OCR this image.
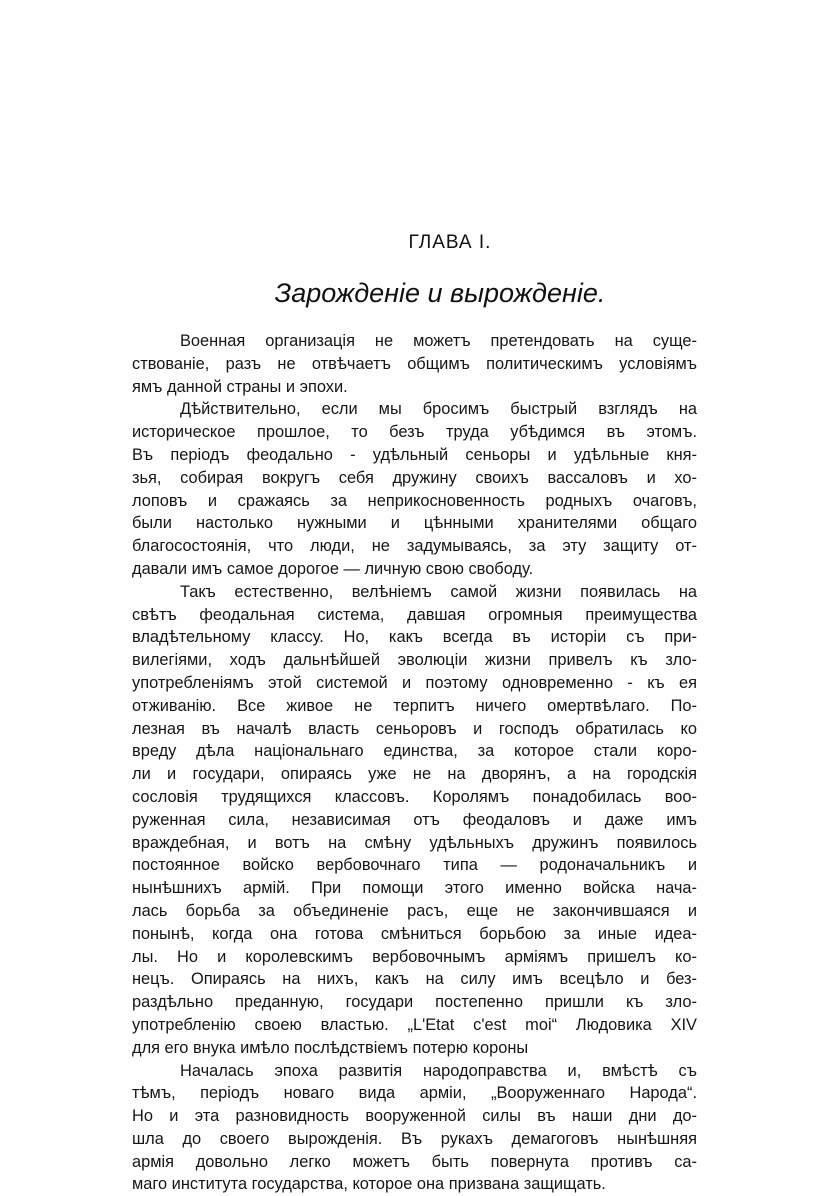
ГЛАВА I.
Зарожденіе и вырожденіе.
Военная организація не можетъ претендовать на суще-
ствованіе, разъ не отвѣчаетъ общимъ политическимъ условіямъ
ямъ данной страны и эпохи.
Дѣйствительно, если мы бросимъ быстрый взглядъ на
историческое прошлое, то безъ труда убѣдимся въ этомъ.
Въ періодъ феодально - удѣльный сеньоры и удѣльные кня-
зья, собирая вокругъ себя дружину своихъ вассаловъ и хо-
лоповъ и сражаясь за неприкосновенность родныхъ очаговъ,
были настолько нужными и цѣнными хранителями общаго
благосостоянія, что люди, не задумываясь, за эту защиту от-
давали имъ самое дорогое — личную свою свободу.
Такъ естественно, велѣніемъ самой жизни появилась на
свѣтъ феодальная система, давшая огромныя преимущества
владѣтельному классу. Но, какъ всегда въ исторіи съ при-
вилегіями, ходъ дальнѣйшей эволюціи жизни привелъ къ зло-
употребленіямъ этой системой и поэтому одновременно - къ ея
отживанію. Все живое не терпитъ ничего омертвѣлаго. По-
лезная въ началѣ власть сеньоровъ и господъ обратилась ко
вреду дѣла національнаго единства, за которое стали коро-
ли и государи, опираясь уже не на дворянъ, а на городскія
сословія трудящихся классовъ. Королямъ понадобилась воо-
руженная сила, независимая отъ феодаловъ и даже имъ
враждебная, и вотъ на смѣну удѣльныхъ дружинъ появилось
постоянное войско вербовочнаго типа — родоначальникъ и
нынѣшнихъ армій. При помощи этого именно войска нача-
лась борьба за объединеніе расъ, еще не закончившаяся и
понынѣ, когда она готова смѣниться борьбою за иные идеа-
лы. Но и королевскимъ вербовочнымъ арміямъ пришелъ ко-
нецъ. Опираясь на нихъ, какъ на силу имъ всецѣло и без-
раздѣльно преданную, государи постепенно пришли къ зло-
употребленію своею властью. „L'Etat c'est moi“ Людовика XIV
для его внука имѣло послѣдствіемъ потерю короны
Началась эпоха развитія народоправства и, вмѣстѣ съ
тѣмъ, періодъ новаго вида арміи, „Вооруженнаго Народа“.
Но и эта разновидность вооруженной силы въ наши дни до-
шла до своего вырожденія. Въ рукахъ демагоговъ нынѣшняя
армія довольно легко можетъ быть повернута противъ са-
маго института государства, которое она призвана защищать.
